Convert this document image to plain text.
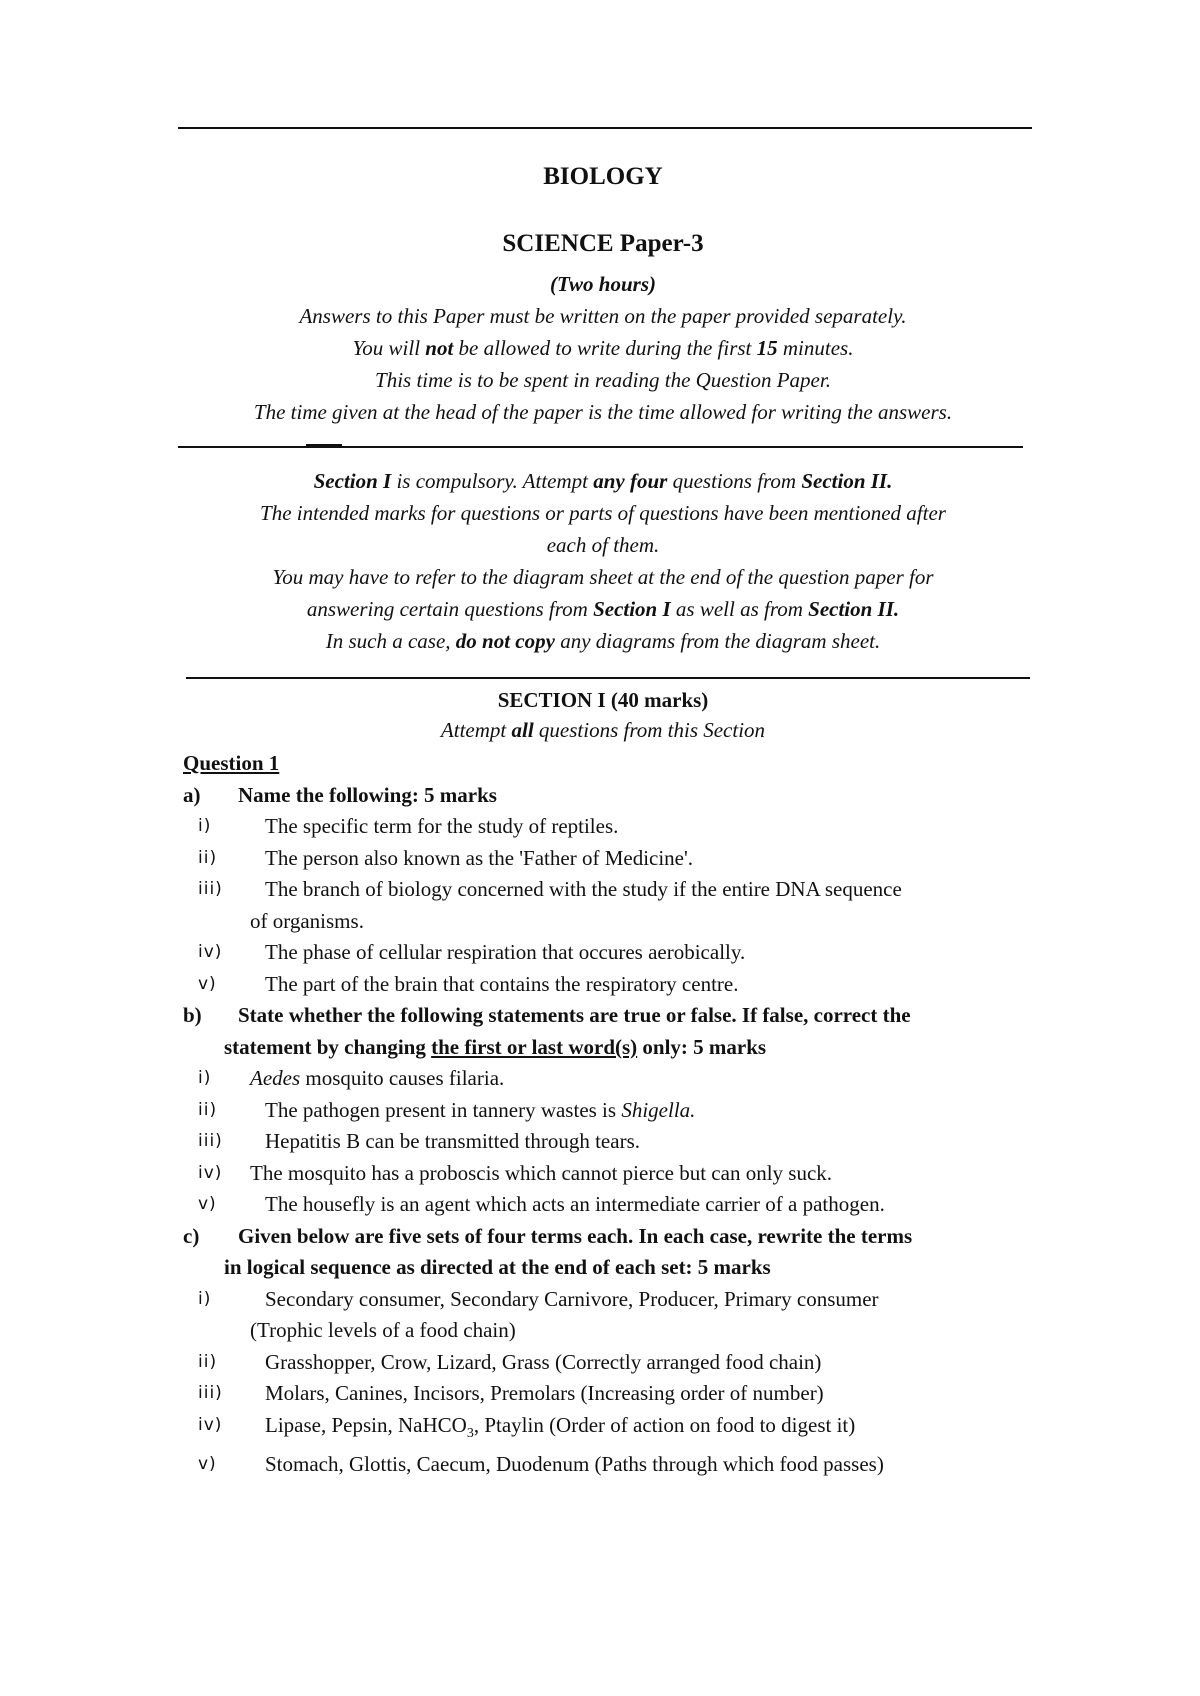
BIOLOGY
SCIENCE Paper-3
(Two hours)
Answers to this Paper must be written on the paper provided separately.
You will not be allowed to write during the first 15 minutes.
This time is to be spent in reading the Question Paper.
The time given at the head of the paper is the time allowed for writing the answers.
Section I is compulsory. Attempt any four questions from Section II.
The intended marks for questions or parts of questions have been mentioned after
each of them.
You may have to refer to the diagram sheet at the end of the question paper for
answering certain questions from Section I as well as from Section II.
In such a case, do not copy any diagrams from the diagram sheet.
SECTION I (40 marks)
Attempt all questions from this Section
Question 1
a) Name the following: 5 marks
i)	The specific term for the study of reptiles.
ii) The person also known as the 'Father of Medicine'.
iii) The branch of biology concerned with the study if the entire DNA sequence
of organisms.
iv) The phase of cellular respiration that occures aerobically.
v) The part of the brain that contains the respiratory centre.
b) State whether the following statements are true or false. If false, correct the
statement by changing the first or last word(s) only: 5 marks
i) Aedes mosquito causes filaria.
ii) The pathogen present in tannery wastes is Shigella.
iii) Hepatitis B can be transmitted through tears.
iv) The mosquito has a proboscis which cannot pierce but can only suck.
v) The housefly is an agent which acts an intermediate carrier of a pathogen.
c) Given below are five sets of four terms each. In each case, rewrite the terms
in logical sequence as directed at the end of each set: 5 marks
i)	Secondary consumer, Secondary Carnivore, Producer, Primary consumer
(Trophic levels of a food chain)
ii) Grasshopper, Crow, Lizard, Grass (Correctly arranged food chain)
iii) Molars, Canines, Incisors, Premolars (Increasing order of number)
iv) Lipase, Pepsin, NaHCO$_3$, Ptaylin (Order of action on food to digest it)
v) Stomach, Glottis, Caecum, Duodenum (Paths through which food passes)
